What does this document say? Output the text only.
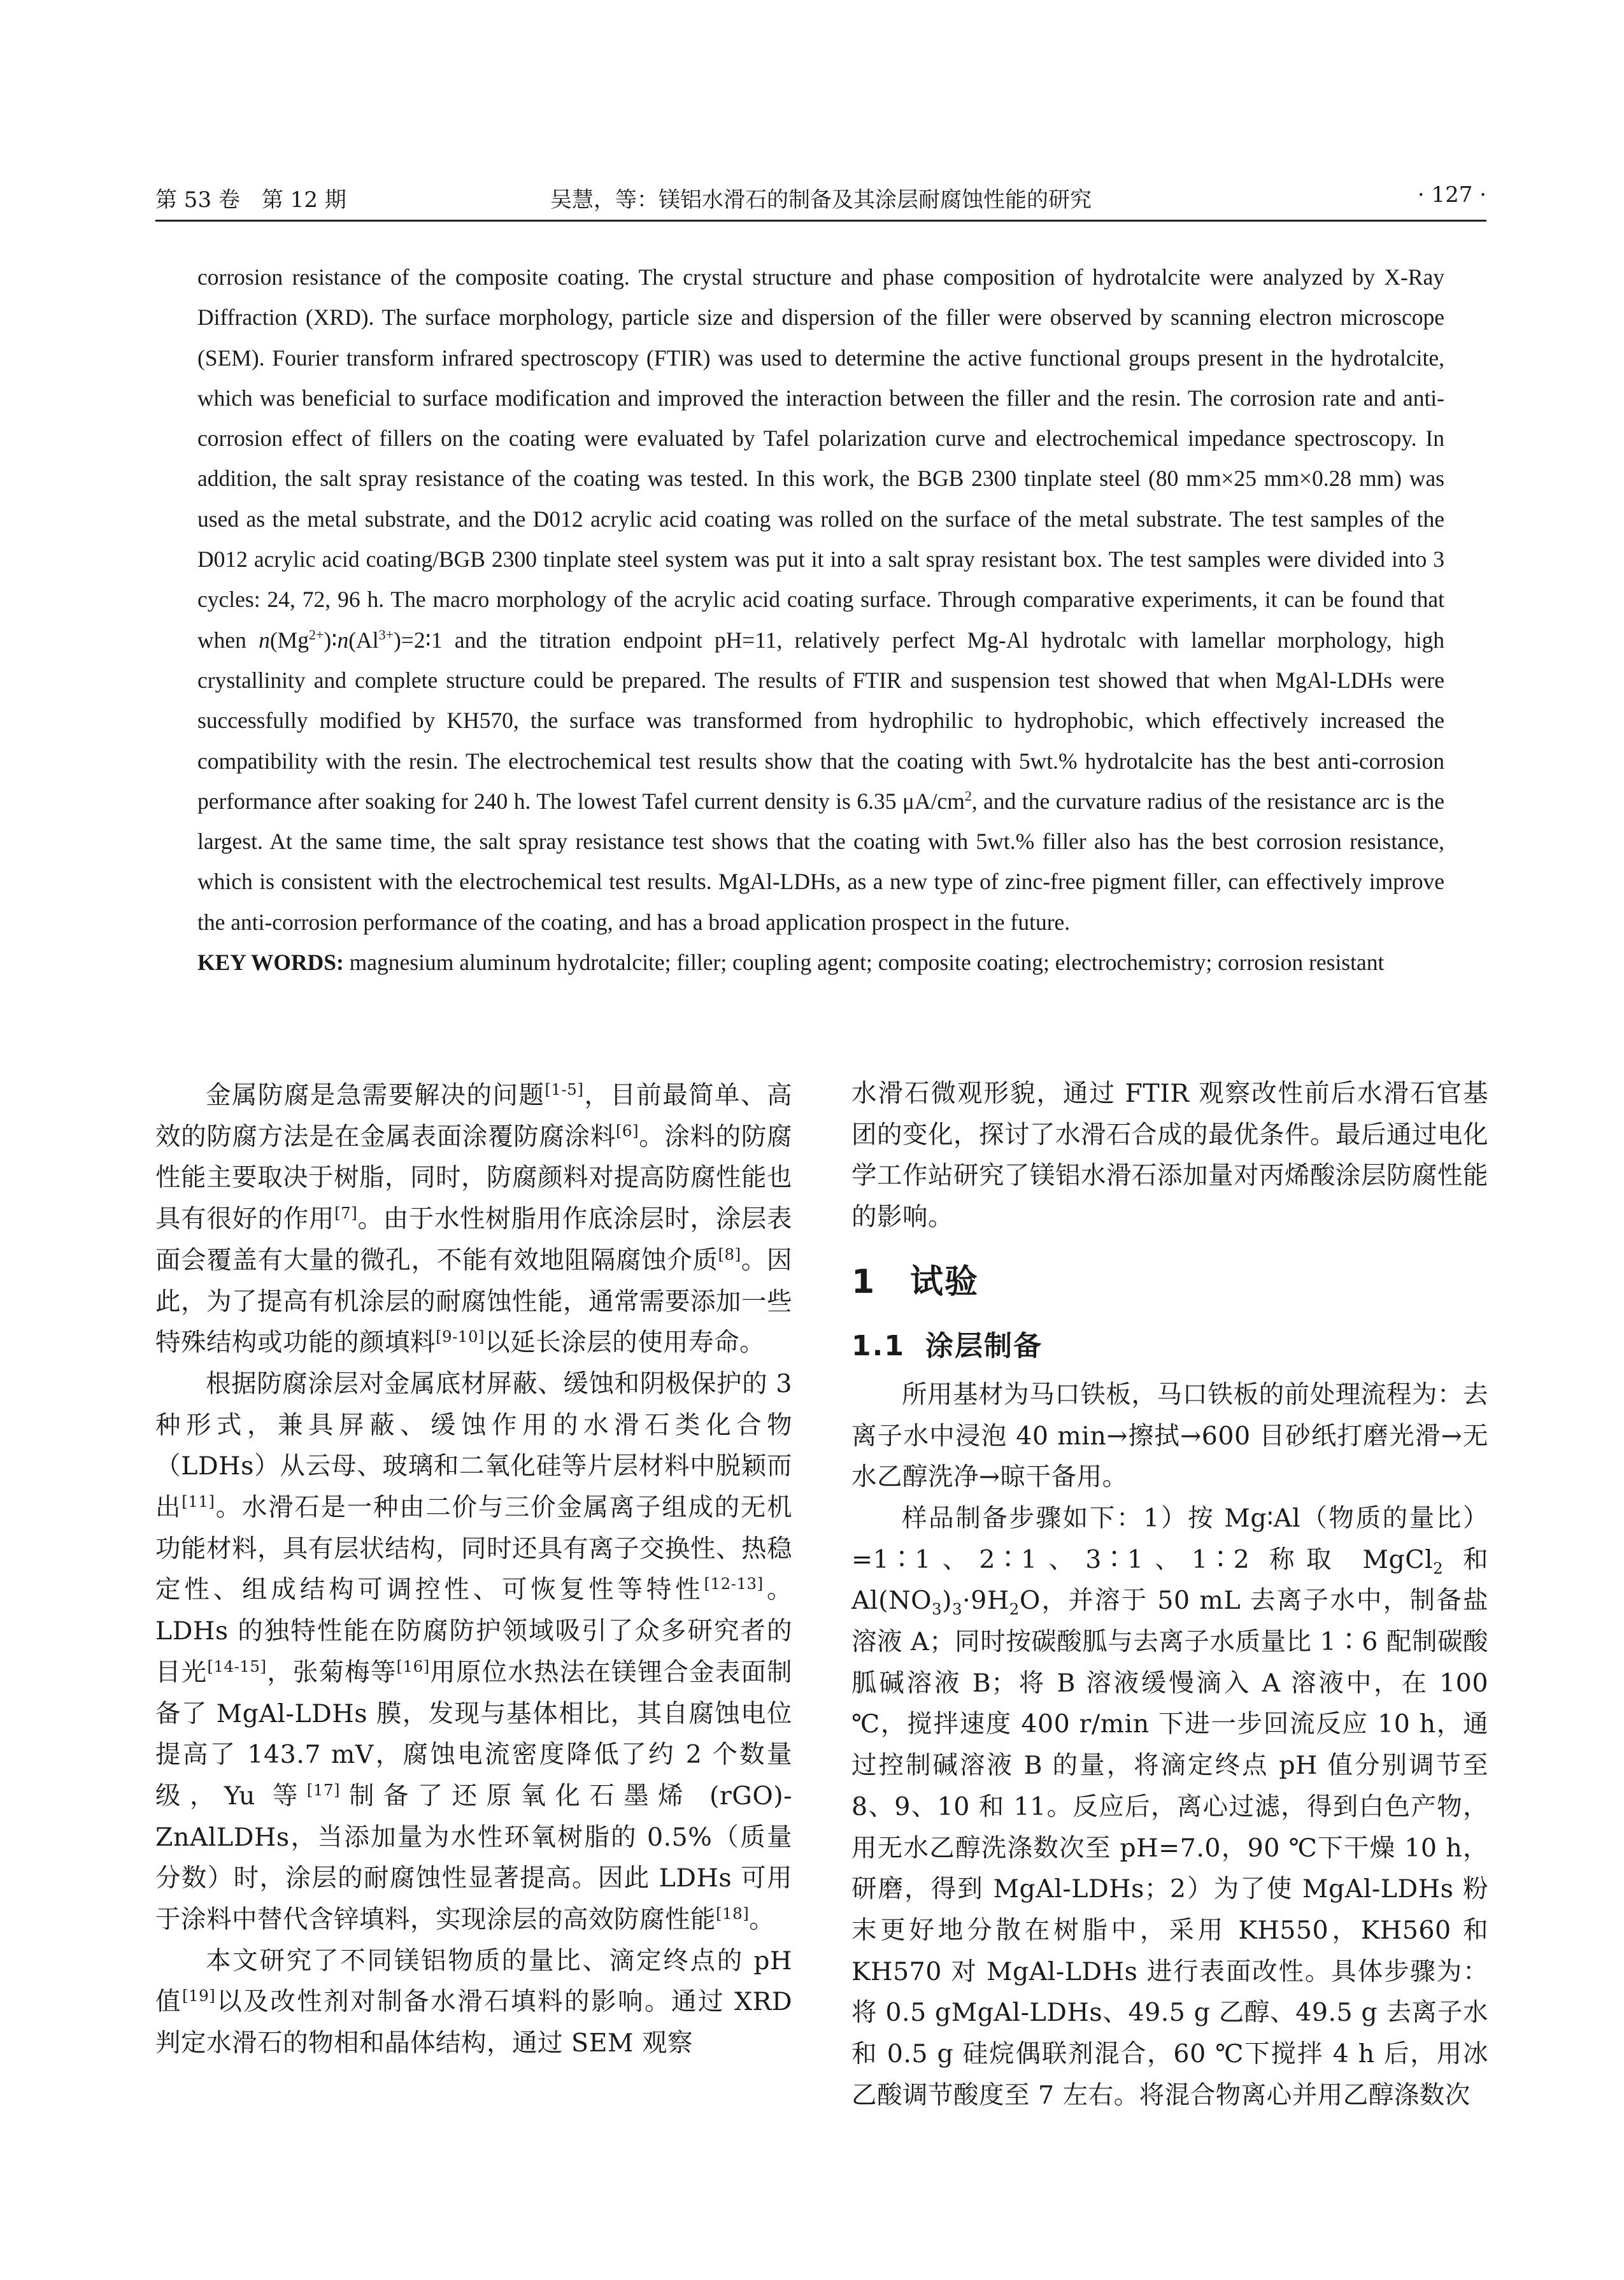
第 53 卷　第 12 期	吴慧，等：镁铝水滑石的制备及其涂层耐腐蚀性能的研究	· 127 ·

corrosion resistance of the composite coating. The crystal structure and phase composition of hydrotalcite were analyzed by X-Ray Diffraction (XRD). The surface morphology, particle size and dispersion of the filler were observed by scanning electron microscope (SEM). Fourier transform infrared spectroscopy (FTIR) was used to determine the active functional groups present in the hydrotalcite, which was beneficial to surface modification and improved the interaction between the filler and the resin. The corrosion rate and anti-corrosion effect of fillers on the coating were evaluated by Tafel polarization curve and electrochemical impedance spectroscopy. In addition, the salt spray resistance of the coating was tested. In this work, the BGB 2300 tinplate steel (80 mm×25 mm×0.28 mm) was used as the metal substrate, and the D012 acrylic acid coating was rolled on the surface of the metal substrate. The test samples of the D012 acrylic acid coating/BGB 2300 tinplate steel system was put it into a salt spray resistant box. The test samples were divided into 3 cycles: 24, 72, 96 h. The macro morphology of the acrylic acid coating surface. Through comparative experiments, it can be found that when $n(Mg^{2+})∶n(Al^{3+})=2∶1$ and the titration endpoint pH=11, relatively perfect Mg-Al hydrotalc with lamellar morphology, high crystallinity and complete structure could be prepared. The results of FTIR and suspension test showed that when MgAl-LDHs were successfully modified by KH570, the surface was transformed from hydrophilic to hydrophobic, which effectively increased the compatibility with the resin. The electrochemical test results show that the coating with 5wt.% hydrotalcite has the best anti-corrosion performance after soaking for 240 h. The lowest Tafel current density is 6.35 $\mu A/cm^2$, and the curvature radius of the resistance arc is the largest. At the same time, the salt spray resistance test shows that the coating with 5wt.% filler also has the best corrosion resistance, which is consistent with the electrochemical test results. MgAl-LDHs, as a new type of zinc-free pigment filler, can effectively improve the anti-corrosion performance of the coating, and has a broad application prospect in the future.

KEY WORDS: magnesium aluminum hydrotalcite; filler; coupling agent; composite coating; electrochemistry; corrosion resistant

金属防腐是急需要解决的问题[1-5]，目前最简单、高效的防腐方法是在金属表面涂覆防腐涂料[6]。涂料的防腐性能主要取决于树脂，同时，防腐颜料对提高防腐性能也具有很好的作用[7]。由于水性树脂用作底涂层时，涂层表面会覆盖有大量的微孔，不能有效地阻隔腐蚀介质[8]。因此，为了提高有机涂层的耐腐蚀性能，通常需要添加一些特殊结构或功能的颜填料[9-10]以延长涂层的使用寿命。

根据防腐涂层对金属底材屏蔽、缓蚀和阴极保护的 3 种形式，兼具屏蔽、缓蚀作用的水滑石类化合物（LDHs）从云母、玻璃和二氧化硅等片层材料中脱颖而出[11]。水滑石是一种由二价与三价金属离子组成的无机功能材料，具有层状结构，同时还具有离子交换性、热稳定性、组成结构可调控性、可恢复性等特性[12-13]。LDHs 的独特性能在防腐防护领域吸引了众多研究者的目光[14-15]，张菊梅等[16]用原位水热法在镁锂合金表面制备了 MgAl-LDHs 膜，发现与基体相比，其自腐蚀电位提高了 143.7 mV，腐蚀电流密度降低了约 2 个数量级，Yu 等[17]制备了还原氧化石墨烯 (rGO)-ZnAlLDHs，当添加量为水性环氧树脂的 0.5%（质量分数）时，涂层的耐腐蚀性显著提高。因此 LDHs 可用于涂料中替代含锌填料，实现涂层的高效防腐性能[18]。

本文研究了不同镁铝物质的量比、滴定终点的 pH 值[19]以及改性剂对制备水滑石填料的影响。通过 XRD 判定水滑石的物相和晶体结构，通过 SEM 观察

水滑石微观形貌，通过 FTIR 观察改性前后水滑石官基团的变化，探讨了水滑石合成的最优条件。最后通过电化学工作站研究了镁铝水滑石添加量对丙烯酸涂层防腐性能的影响。

1 试验
1.1 涂层制备

所用基材为马口铁板，马口铁板的前处理流程为：去离子水中浸泡 40 min→擦拭→600 目砂纸打磨光滑→无水乙醇洗净→晾干备用。

样品制备步骤如下：1）按 Mg∶Al（物质的量比）=1∶1、2∶1、3∶1、1∶2 称取 MgCl$_2$ 和 $Al(NO_3)_3\cdot 9H_2O$，并溶于 50 mL 去离子水中，制备盐溶液 A；同时按碳酸胍与去离子水质量比 1∶6 配制碳酸胍碱溶液 B；将 B 溶液缓慢滴入 A 溶液中，在 100 ℃，搅拌速度 400 r/min 下进一步回流反应 10 h，通过控制碱溶液 B 的量，将滴定终点 pH 值分别调节至 8、9、10 和 11。反应后，离心过滤，得到白色产物，用无水乙醇洗涤数次至 pH=7.0，90 ℃下干燥 10 h，研磨，得到 MgAl-LDHs；2）为了使 MgAl-LDHs 粉末更好地分散在树脂中，采用 KH550，KH560 和 KH570 对 MgAl-LDHs 进行表面改性。具体步骤为：将 0.5 gMgAl-LDHs、49.5 g 乙醇、49.5 g 去离子水和 0.5 g 硅烷偶联剂混合，60 ℃下搅拌 4 h 后，用冰乙酸调节酸度至 7 左右。将混合物离心并用乙醇涤数次
